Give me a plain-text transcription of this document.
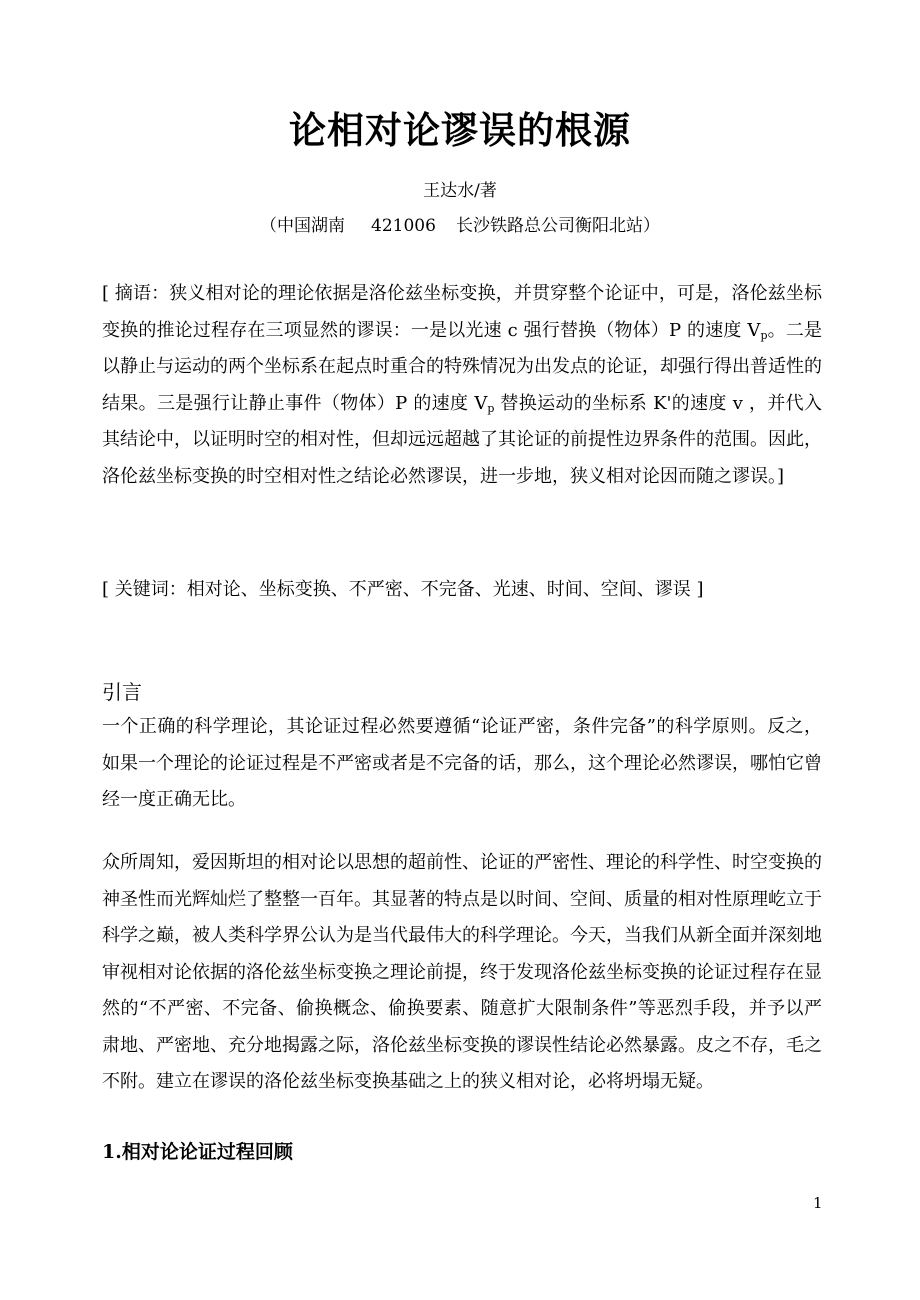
论相对论谬误的根源
王达水/著
（中国湖南 421006 长沙铁路总公司衡阳北站）

[ 摘语：狭义相对论的理论依据是洛伦兹坐标变换，并贯穿整个论证中，可是，洛伦兹坐标变换的推论过程存在三项显然的谬误：一是以光速 c 强行替换（物体）P 的速度 $V_p$。二是以静止与运动的两个坐标系在起点时重合的特殊情况为出发点的论证，却强行得出普适性的结果。三是强行让静止事件（物体）P 的速度 $V_p$ 替换运动的坐标系 K'的速度 v ，并代入其结论中，以证明时空的相对性，但却远远超越了其论证的前提性边界条件的范围。因此，洛伦兹坐标变换的时空相对性之结论必然谬误，进一步地，狭义相对论因而随之谬误。]

[ 关键词：相对论、坐标变换、不严密、不完备、光速、时间、空间、谬误 ]

引言

一个正确的科学理论，其论证过程必然要遵循“论证严密，条件完备”的科学原则。反之，如果一个理论的论证过程是不严密或者是不完备的话，那么，这个理论必然谬误，哪怕它曾经一度正确无比。

众所周知，爱因斯坦的相对论以思想的超前性、论证的严密性、理论的科学性、时空变换的神圣性而光辉灿烂了整整一百年。其显著的特点是以时间、空间、质量的相对性原理屹立于科学之巅，被人类科学界公认为是当代最伟大的科学理论。今天，当我们从新全面并深刻地审视相对论依据的洛伦兹坐标变换之理论前提，终于发现洛伦兹坐标变换的论证过程存在显然的“不严密、不完备、偷换概念、偷换要素、随意扩大限制条件”等恶烈手段，并予以严肃地、严密地、充分地揭露之际，洛伦兹坐标变换的谬误性结论必然暴露。皮之不存，毛之不附。建立在谬误的洛伦兹坐标变换基础之上的狭义相对论，必将坍塌无疑。

1.相对论论证过程回顾
1
